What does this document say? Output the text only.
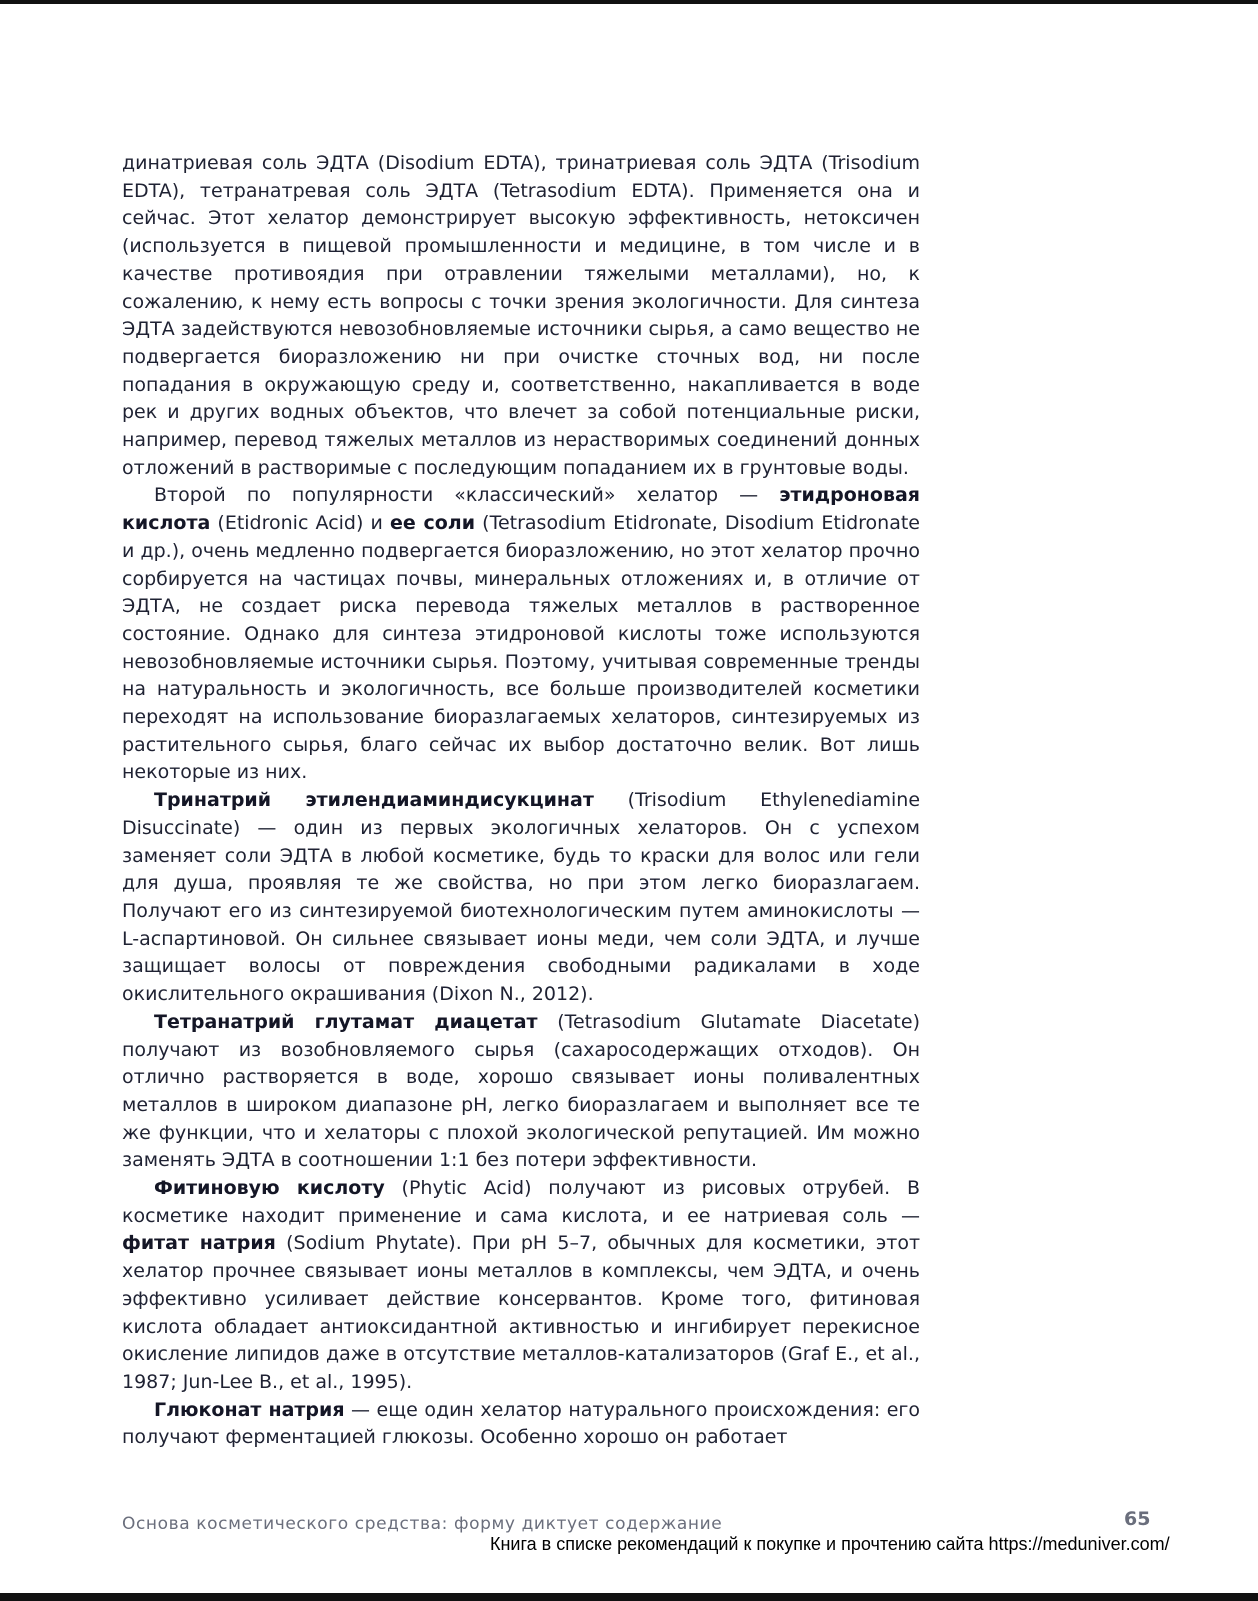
динатриевая соль ЭДТА (Disodium EDTA), тринатриевая соль ЭДТА (Trisodium EDTA), тетранатревая соль ЭДТА (Tetrasodium EDTA). Применяется она и сейчас. Этот хелатор демонстрирует высокую эффективность, нетоксичен (используется в пищевой промышленности и медицине, в том числе и в качестве противоядия при отравлении тяжелыми металлами), но, к сожалению, к нему есть вопросы с точки зрения экологичности. Для синтеза ЭДТА задействуются невозобновляемые источники сырья, а само вещество не подвергается биоразложению ни при очистке сточных вод, ни после попадания в окружающую среду и, соответственно, накапливается в воде рек и других водных объектов, что влечет за собой потенциальные риски, например, перевод тяжелых металлов из нерастворимых соединений донных отложений в растворимые с последующим попаданием их в грунтовые воды.

Второй по популярности «классический» хелатор — этидроновая кислота (Etidronic Acid) и ее соли (Tetrasodium Etidronate, Disodium Etidronate и др.), очень медленно подвергается биоразложению, но этот хелатор прочно сорбируется на частицах почвы, минеральных отложениях и, в отличие от ЭДТА, не создает риска перевода тяжелых металлов в растворенное состояние. Однако для синтеза этидроновой кислоты тоже используются невозобновляемые источники сырья. Поэтому, учитывая современные тренды на натуральность и экологичность, все больше производителей косметики переходят на использование биоразлагаемых хелаторов, синтезируемых из растительного сырья, благо сейчас их выбор достаточно велик. Вот лишь некоторые из них.

Тринатрий этилендиаминдисукцинат (Trisodium Ethylenediamine Disuccinate) — один из первых экологичных хелаторов. Он с успехом заменяет соли ЭДТА в любой косметике, будь то краски для волос или гели для душа, проявляя те же свойства, но при этом легко биоразлагаем. Получают его из синтезируемой биотехнологическим путем аминокислоты — L-аспартиновой. Он сильнее связывает ионы меди, чем соли ЭДТА, и лучше защищает волосы от повреждения свободными радикалами в ходе окислительного окрашивания (Dixon N., 2012).

Тетранатрий глутамат диацетат (Tetrasodium Glutamate Diacetate) получают из возобновляемого сырья (сахаросодержащих отходов). Он отлично растворяется в воде, хорошо связывает ионы поливалентных металлов в широком диапазоне pH, легко биоразлагаем и выполняет все те же функции, что и хелаторы с плохой экологической репутацией. Им можно заменять ЭДТА в соотношении 1:1 без потери эффективности.

Фитиновую кислоту (Phytic Acid) получают из рисовых отрубей. В косметике находит применение и сама кислота, и ее натриевая соль — фитат натрия (Sodium Phytate). При pH 5–7, обычных для косметики, этот хелатор прочнее связывает ионы металлов в комплексы, чем ЭДТА, и очень эффективно усиливает действие консервантов. Кроме того, фитиновая кислота обладает антиоксидантной активностью и ингибирует перекисное окисление липидов даже в отсутствие металлов-катализаторов (Graf E., et al., 1987; Jun-Lee B., et al., 1995).

Глюконат натрия — еще один хелатор натурального происхождения: его получают ферментацией глюкозы. Особенно хорошо он работает

Основа косметического средства: форму диктует содержание	65
Книга в списке рекомендаций к покупке и прочтению сайта https://meduniver.com/
